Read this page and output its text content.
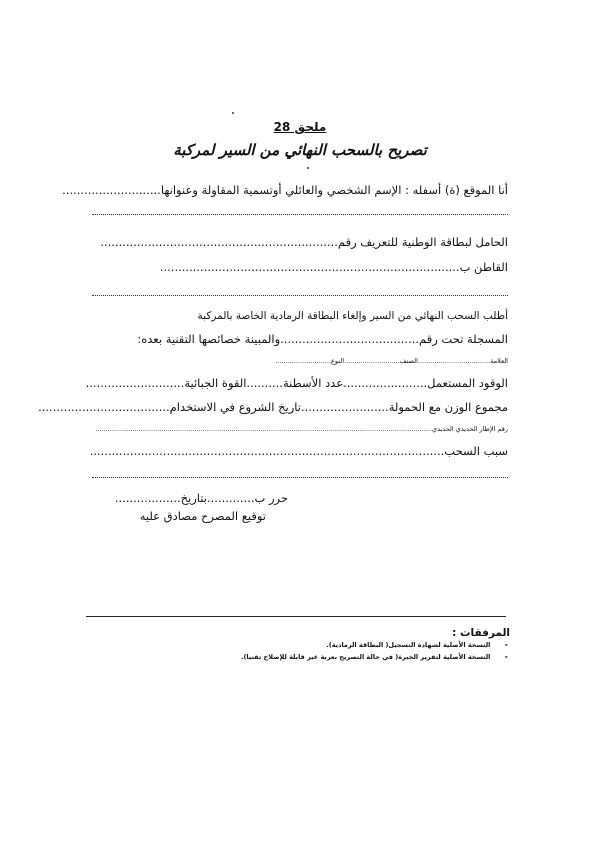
ملحق 28
تصريح بالسحب النهائي من السير لمركبة
أنا الموقع (ة) أسفله : الإسم الشخصي والعائلي أوتسمية المقاولة وعنوانها...........................
الحامل لبطاقة الوطنية للتعريف رقم.................................................................
القاطن ب..................................................................................
أطلب السحب النهائي من السير وإلغاء البطاقة الرمادية الخاصة بالمركبة
المسجلة تحت رقم......................................والمبينة خصائصها التقنية بعده:
العلامة...................................الصنف...........................النوع...........................
الوقود المستعمل.......................عدد الأسطنة..........القوة الجبائية...........................
مجموع الوزن مع الحمولة........................تاريخ الشروع في الاستخدام....................................
رقم الإطار الحديدي الحديدي...................................................................................................................................................................
سبب السحب.................................................................................................
حرر ب.............بتاريخ..................
توقيع المصرح مصادق عليه
المرفقات :
- النسخة الأصلية لشهادة التسجيل( البطاقة الرمادية).
- النسخة الأصلية لتقرير الخبرة( في حالة التصريح بعربة غير قابلة للإصلاح تقنيا).
